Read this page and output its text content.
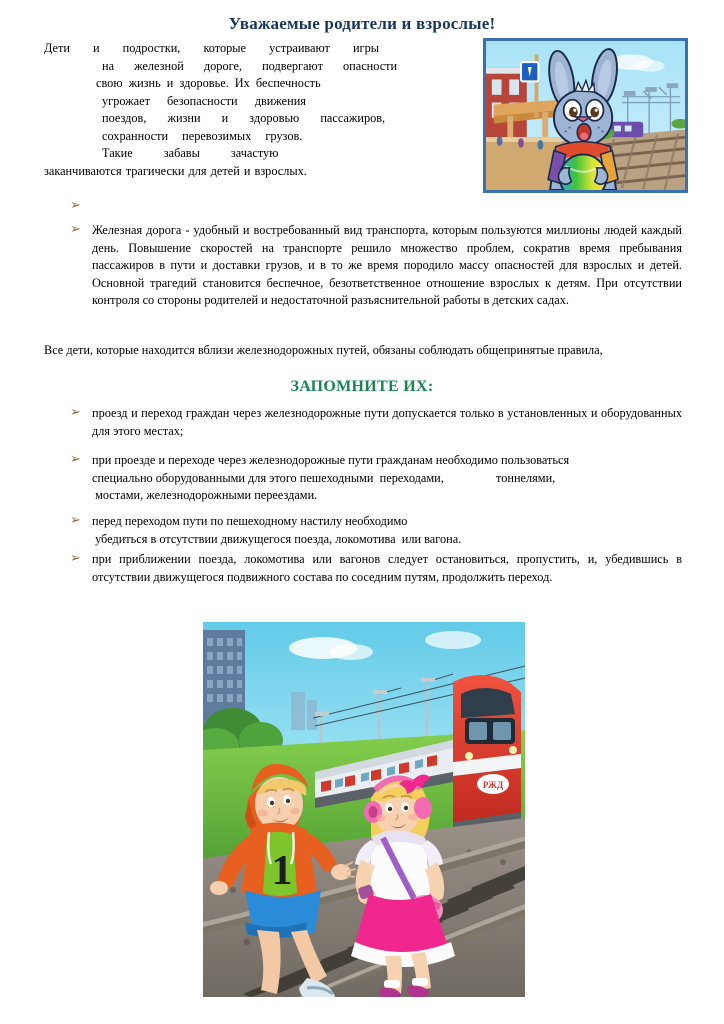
Уважаемые родители и взрослые!
Дети и подростки, которые устраивают игры
на железной дороге, подвергают опасности
свою жизнь и здоровье. Их беспечность
угрожает безопасности движения
поездов, жизни и здоровью пассажиров,
сохранности перевозимых грузов.
Такие забавы зачастую
заканчиваются трагически для детей и взрослых.
➢
➢ Железная дорога - удобный и востребованный вид транспорта, которым пользуются миллионы людей каждый день. Повышение скоростей на транспорте решило множество проблем, сократив время пребывания пассажиров в пути и доставки грузов, и в то же время породило массу опасностей для взрослых и детей. Основной трагедий становится беспечное, безответственное отношение взрослых к детям. При отсутствии контроля со стороны родителей и недостаточной разъяснительной работы в детских садах.
Все дети, которые находится вблизи железнодорожных путей, обязаны соблюдать общепринятые правила,
ЗАПОМНИТЕ ИХ:
➢ проезд и переход граждан через железнодорожные пути допускается только в установленных и оборудованных для этого местах;
➢ при проезде и переходе через железнодорожные пути гражданам необходимо пользоваться
специально оборудованными для этого пешеходными  переходами,                 тоннелями,
мостами, железнодорожными переездами.
➢ перед переходом пути по пешеходному настилу необходимо
убедиться в отсутствии движущегося поезда, локомотива  или вагона.
➢ при приближении поезда, локомотива или вагонов следует остановиться, пропустить, и, убедившись в отсутствии движущегося подвижного состава по соседним путям, продолжить переход.
РЖД
1
